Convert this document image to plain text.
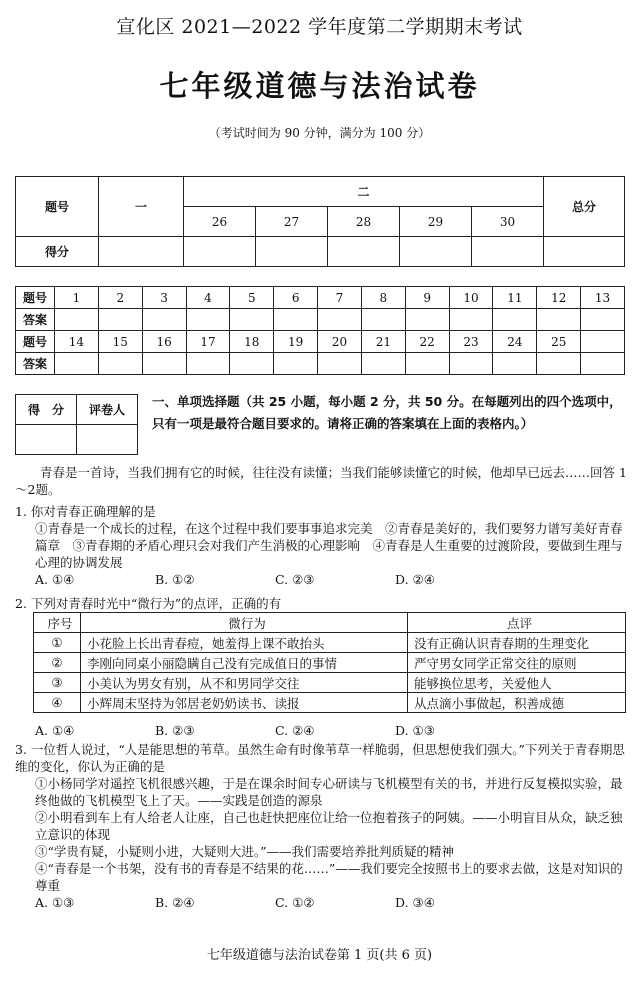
宣化区 2021—2022 学年度第二学期期末考试
七年级道德与法治试卷
（考试时间为 90 分钟，满分为 100 分）
题号	一	二					总分
		26	27	28	29	30	
得分							
题号	1	2	3	4	5	6	7	8	9	10	11	12	13
答案													
题号	14	15	16	17	18	19	20	21	22	23	24	25	
答案													
得　分	评卷人

一、单项选择题（共 25 小题，每小题 2 分，共 50 分。在每题列出的四个选项中，只有一项是最符合题目要求的。请将正确的答案填在上面的表格内。）
青春是一首诗，当我们拥有它的时候，往往没有读懂；当我们能够读懂它的时候，他却早已远去……回答 1～2题。
1. 你对青春正确理解的是
①青春是一个成长的过程，在这个过程中我们要事事追求完美　②青春是美好的，我们要努力谱写美好青春篇章　③青春期的矛盾心理只会对我们产生消极的心理影响　④青春是人生重要的过渡阶段，要做到生理与心理的协调发展
A. ①④	B. ①②	C. ②③	D. ②④
2. 下列对青春时光中“微行为”的点评，正确的有
序号	微行为	点评
①	小花脸上长出青春痘，她羞得上课不敢抬头	没有正确认识青春期的生理变化
②	李刚向同桌小丽隐瞒自己没有完成值日的事情	严守男女同学正常交往的原则
③	小美认为男女有别，从不和男同学交往	能够换位思考，关爱他人
④	小辉周末坚持为邻居老奶奶读书、读报	从点滴小事做起，积善成德
A. ①④	B. ②③	C. ②④	D. ①③
3. 一位哲人说过，“人是能思想的苇草。虽然生命有时像苇草一样脆弱，但思想使我们强大。”下列关于青春期思维的变化，你认为正确的是
①小杨同学对遥控飞机很感兴趣，于是在课余时间专心研读与飞机模型有关的书，并进行反复模拟实验，最终他做的飞机模型飞上了天。——实践是创造的源泉
②小明看到车上有人给老人让座，自己也赶快把座位让给一位抱着孩子的阿姨。——小明盲目从众，缺乏独立意识的体现
③“学贵有疑，小疑则小进，大疑则大进。”——我们需要培养批判质疑的精神
④“青春是一个书架，没有书的青春是不结果的花……”——我们要完全按照书上的要求去做，这是对知识的尊重
A. ①③	B. ②④	C. ①②	D. ③④
七年级道德与法治试卷第 1 页(共 6 页)
